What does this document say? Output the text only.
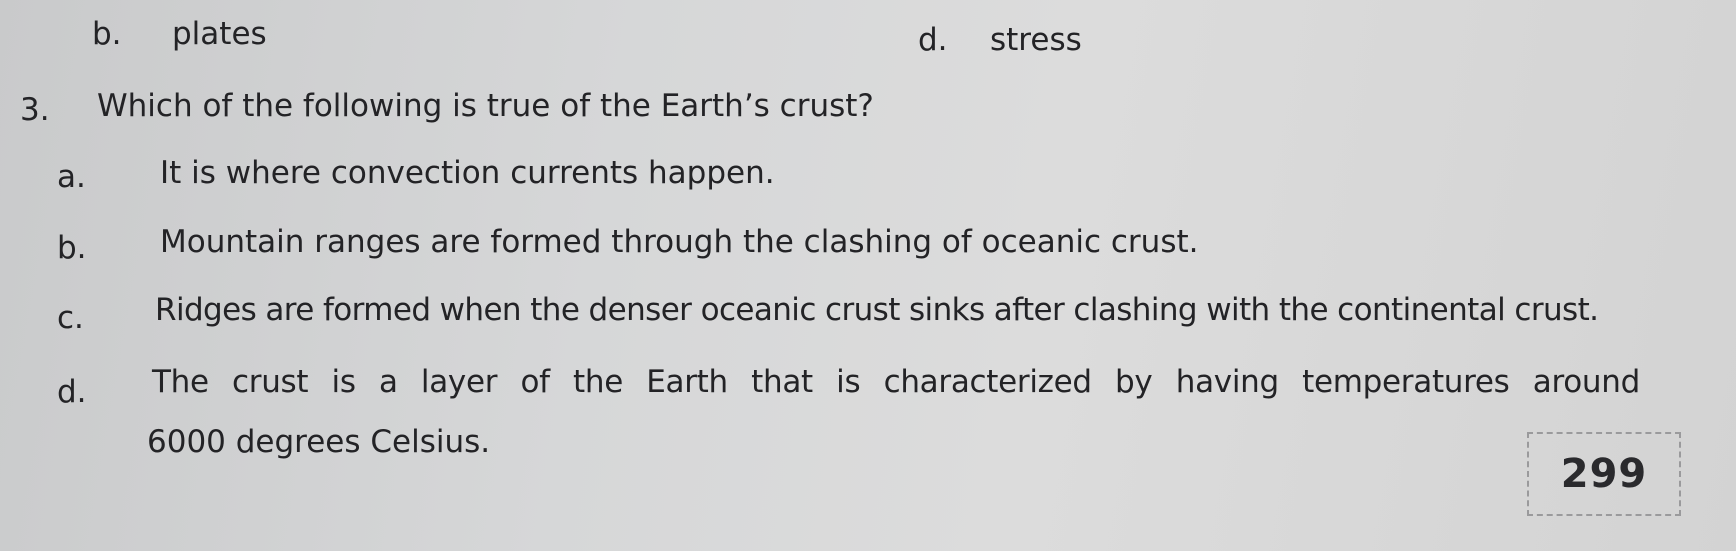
b. plates	d. stress
3. Which of the following is true of the Earth’s crust?
a. It is where convection currents happen.
b. Mountain ranges are formed through the clashing of oceanic crust.
c. Ridges are formed when the denser oceanic crust sinks after clashing with the continental crust.
d. The crust is a layer of the Earth that is characterized by having temperatures around
6000 degrees Celsius.
299
